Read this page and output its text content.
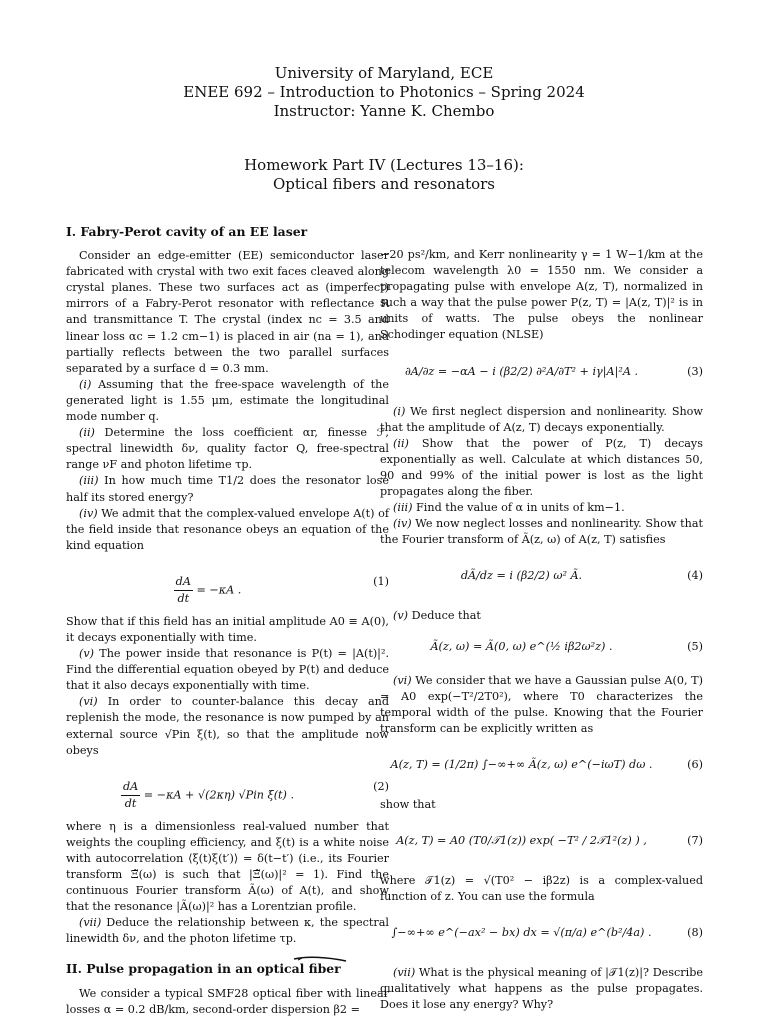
University of Maryland, ECE
ENEE 692 – Introduction to Photonics – Spring 2024
Instructor: Yanne K. Chembo
Homework Part IV (Lectures 13–16):
Optical fibers and resonators
I. Fabry-Perot cavity of an EE laser

Consider an edge-emitter (EE) semiconductor laser fabricated with crystal with two exit faces cleaved along crystal planes. These two surfaces act as (imperfect) mirrors of a Fabry-Perot resonator with reflectance R and transmittance T. The crystal (index nc = 3.5 and linear loss αc = 1.2 cm−1) is placed in air (na = 1), and partially reflects between the two parallel surfaces separated by a surface d = 0.3 mm.

(i) Assuming that the free-space wavelength of the generated light is 1.55 μm, estimate the longitudinal mode number q.

(ii) Determine the loss coefficient αr, finesse ℱ, spectral linewidth δν, quality factor Q, free-spectral range νF and photon lifetime τp.

(iii) In how much time T1/2 does the resonator lose half its stored energy?

(iv) We admit that the complex-valued envelope A(t) of the field inside that resonance obeys an equation of the kind equation

$\frac{dA}{dt} = -\kappa A$ .
(1)

Show that if this field has an initial amplitude A0 ≡ A(0), it decays exponentially with time.

(v) The power inside that resonance is P(t) = |A(t)|². Find the differential equation obeyed by P(t) and deduce that it also decays exponentially with time.

(vi) In order to counter-balance this decay and replenish the mode, the resonance is now pumped by an external source √Pin ξ(t), so that the amplitude now obeys

$\frac{dA}{dt} = -\kappa A + √(2\kappa\eta)$ √Pin ξ(t) .
(2)

where η is a dimensionless real-valued number that weights the coupling efficiency, and ξ(t) is a white noise with autocorrelation ⟨ξ(t)ξ(t′)⟩ = δ(t−t′) (i.e., its Fourier transform Ξ̃(ω) is such that |Ξ̃(ω)|² = 1). Find the continuous Fourier transform Ã(ω) of A(t), and show that the resonance |Ã(ω)|² has a Lorentzian profile.

(vii) Deduce the relationship between κ, the spectral linewidth δν, and the photon lifetime τp.

II. Pulse propagation in an optical fiber

We consider a typical SMF28 optical fiber with linear losses α = 0.2 dB/km, second-order dispersion β2 =

−20 ps²/km, and Kerr nonlinearity γ = 1 W−1/km at the telecom wavelength λ0 = 1550 nm. We consider a propagating pulse with envelope A(z, T), normalized in such a way that the pulse power P(z, T) = |A(z, T)|² is in units of watts. The pulse obeys the nonlinear Schodinger equation (NLSE)

∂A/∂z = −αA − i (β2/2) ∂²A/∂T² + iγ|A|²A .	(3)

(i) We first neglect dispersion and nonlinearity. Show that the amplitude of A(z, T) decays exponentially.

(ii) Show that the power of P(z, T) decays exponentially as well. Calculate at which distances 50, 90 and 99% of the initial power is lost as the light propagates along the fiber.

(iii) Find the value of α in units of km−1.

(iv) We now neglect losses and nonlinearity. Show that the Fourier transform of Ã(z, ω) of A(z, T) satisfies

dÃ/dz = i (β2/2) ω² Ã.	(4)

(v) Deduce that

Ã(z, ω) = Ã(0, ω) e^(½ iβ2ω²z) .	(5)

(vi) We consider that we have a Gaussian pulse A(0, T) = A0 exp(−T²/2T0²), where T0 characterizes the temporal width of the pulse. Knowing that the Fourier transform can be explicitly written as

A(z, T) = (1/2π) ∫−∞+∞ Ã(z, ω) e^(−iωT) dω .	(6)

show that

A(z, T) = A0 (T0/𝒯1(z)) exp( −T² / 2𝒯1²(z) ) ,	(7)

where 𝒯1(z) = √(T0² − iβ2z) is a complex-valued function of z. You can use the formula

∫−∞+∞ e^(−ax² − bx) dx = √(π/a) e^(b²/4a) .	(8)

(vii) What is the physical meaning of |𝒯1(z)|? Describe qualitatively what happens as the pulse propagates. Does it lose any energy? Why?
